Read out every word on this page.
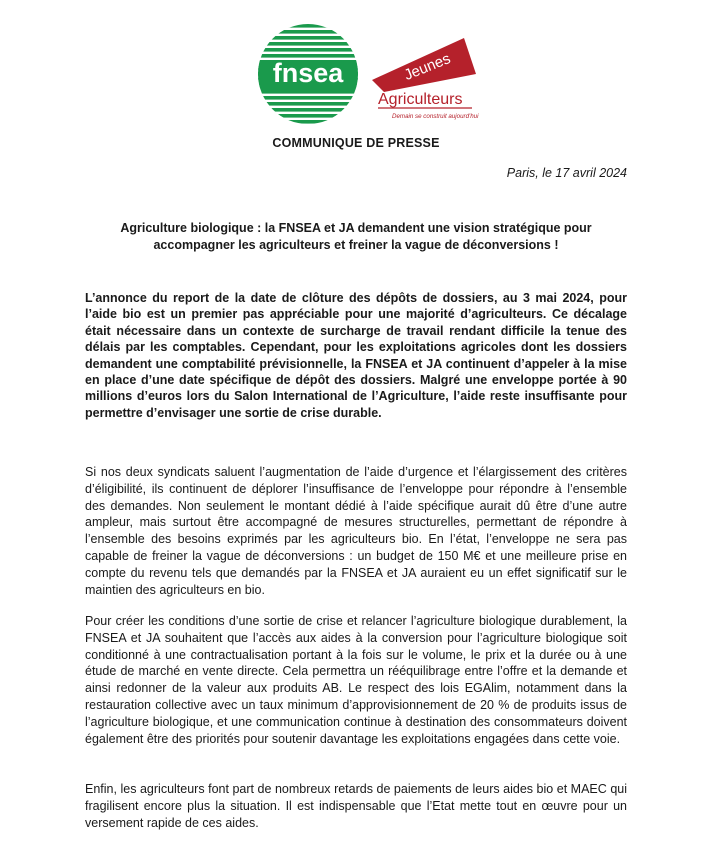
fnsea	Jeunes
Agriculteurs
Demain se construit aujourd'hui
COMMUNIQUE DE PRESSE
Paris, le 17 avril 2024
Agriculture biologique : la FNSEA et JA demandent une vision stratégique pour accompagner les agriculteurs et freiner la vague de déconversions !
L’annonce du report de la date de clôture des dépôts de dossiers, au 3 mai 2024, pour l’aide bio est un premier pas appréciable pour une majorité d’agriculteurs. Ce décalage était nécessaire dans un contexte de surcharge de travail rendant difficile la tenue des délais par les comptables. Cependant, pour les exploitations agricoles dont les dossiers demandent une comptabilité prévisionnelle, la FNSEA et JA continuent d’appeler à la mise en place d’une date spécifique de dépôt des dossiers. Malgré une enveloppe portée à 90 millions d’euros lors du Salon International de l’Agriculture, l’aide reste insuffisante pour permettre d’envisager une sortie de crise durable.
Si nos deux syndicats saluent l’augmentation de l’aide d’urgence et l’élargissement des critères d’éligibilité, ils continuent de déplorer l’insuffisance de l’enveloppe pour répondre à l’ensemble des demandes. Non seulement le montant dédié à l’aide spécifique aurait dû être d’une autre ampleur, mais surtout être accompagné de mesures structurelles, permettant de répondre à l’ensemble des besoins exprimés par les agriculteurs bio. En l’état, l’enveloppe ne sera pas capable de freiner la vague de déconversions : un budget de 150 M€ et une meilleure prise en compte du revenu tels que demandés par la FNSEA et JA auraient eu un effet significatif sur le maintien des agriculteurs en bio.
Pour créer les conditions d’une sortie de crise et relancer l’agriculture biologique durablement, la FNSEA et JA souhaitent que l’accès aux aides à la conversion pour l’agriculture biologique soit conditionné à une contractualisation portant à la fois sur le volume, le prix et la durée ou à une étude de marché en vente directe. Cela permettra un rééquilibrage entre l’offre et la demande et ainsi redonner de la valeur aux produits AB. Le respect des lois EGAlim, notamment dans la restauration collective avec un taux minimum d’approvisionnement de 20 % de produits issus de l’agriculture biologique, et une communication continue à destination des consommateurs doivent également être des priorités pour soutenir davantage les exploitations engagées dans cette voie.
Enfin, les agriculteurs font part de nombreux retards de paiements de leurs aides bio et MAEC qui fragilisent encore plus la situation. Il est indispensable que l’Etat mette tout en œuvre pour un versement rapide de ces aides.
